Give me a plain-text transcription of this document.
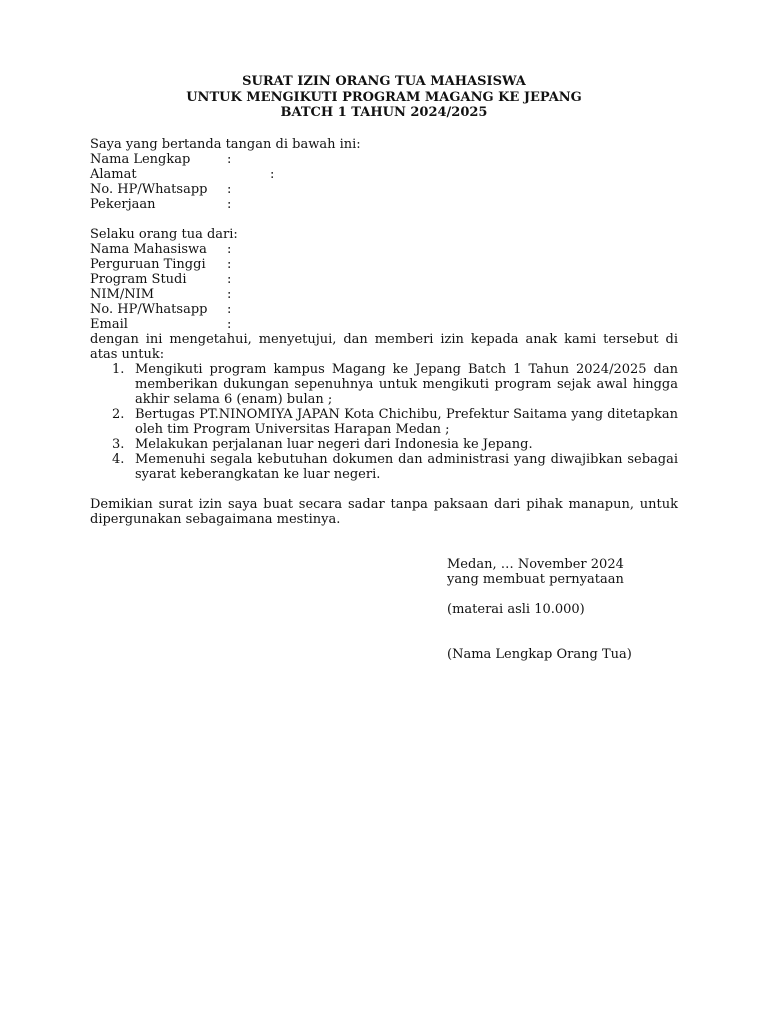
SURAT IZIN ORANG TUA MAHASISWA
UNTUK MENGIKUTI PROGRAM MAGANG KE JEPANG
BATCH 1 TAHUN 2024/2025
Saya yang bertanda tangan di bawah ini:
Nama Lengkap	:
Alamat	:
No. HP/Whatsapp :
Pekerjaan	:
Selaku orang tua dari:
Nama Mahasiswa :
Perguruan Tinggi :
Program Studi	:
NIM/NIM	:
No. HP/Whatsapp :
Email	:
dengan ini mengetahui, menyetujui, dan memberi izin kepada anak kami tersebut di atas untuk:
1. Mengikuti program kampus Magang ke Jepang Batch 1 Tahun 2024/2025 dan memberikan dukungan sepenuhnya untuk mengikuti program sejak awal hingga akhir selama 6 (enam) bulan ;
2. Bertugas PT.NINOMIYA JAPAN Kota Chichibu, Prefektur Saitama yang ditetapkan oleh tim Program Universitas Harapan Medan ;
3. Melakukan perjalanan luar negeri dari Indonesia ke Jepang.
4. Memenuhi segala kebutuhan dokumen dan administrasi yang diwajibkan sebagai syarat keberangkatan ke luar negeri.
Demikian surat izin saya buat secara sadar tanpa paksaan dari pihak manapun, untuk dipergunakan sebagaimana mestinya.
Medan, … November 2024
yang membuat pernyataan
(materai asli 10.000)
(Nama Lengkap Orang Tua)
